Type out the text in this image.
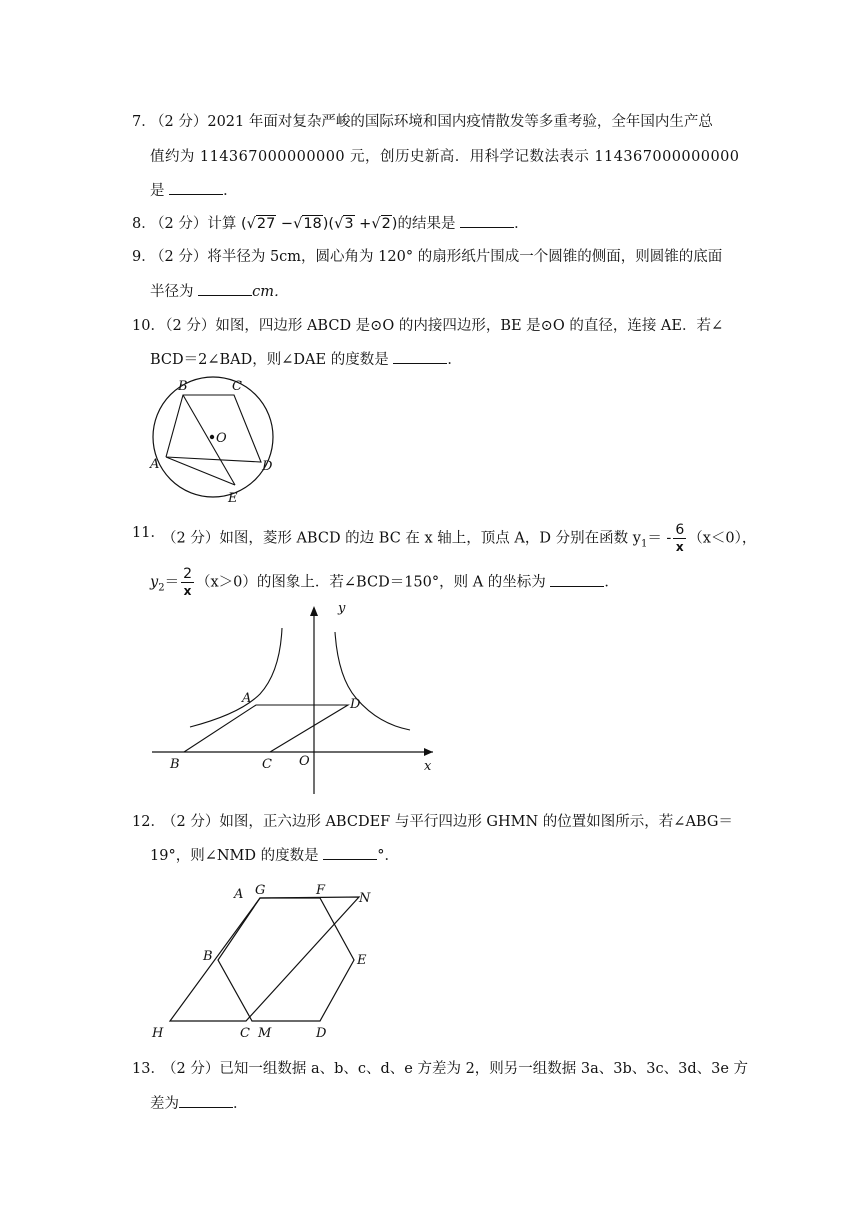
7．
（2 分）2021 年面对复杂严峻的国际环境和国内疫情散发等多重考验，全年国内生产总
值约为 114367000000000 元，创历史新高．用科学记数法表示 114367000000000
是	．
8．
（2 分）计算 (√27 −√18)(√3 +√2)的结果是	．
9．
（2 分）将半径为 5cm，圆心角为 120° 的扇形纸片围成一个圆锥的侧面，则圆锥的底面
半径为	cm．
10．
（2 分）如图，四边形 ABCD 是⊙O 的内接四边形，BE 是⊙O 的直径，连接 AE．若∠
BCD＝2∠BAD，则∠DAE 的度数是	．
B	C
O
A	D
E
11．
（2 分）如图，菱形 ABCD 的边 BC 在 x 轴上，顶点 A，D 分别在函数 $y_1= - \frac{6}{x} (x<0)$，
$y_2= \frac{2}{x} (x>0)$的图象上．若∠BCD＝150°，则 A 的坐标为	．
y
A	D
B	C O	x
12．
（2 分）如图，正六边形 ABCDEF 与平行四边形 GHMN 的位置如图所示，若∠ABG＝
19°，则∠NMD 的度数是	°．
A G	F
N
B	E
H	C M	D
13．
（2 分）已知一组数据 a、b、c、d、e 方差为 2，则另一组数据 3a、3b、3c、3d、3e 方
差为	．
